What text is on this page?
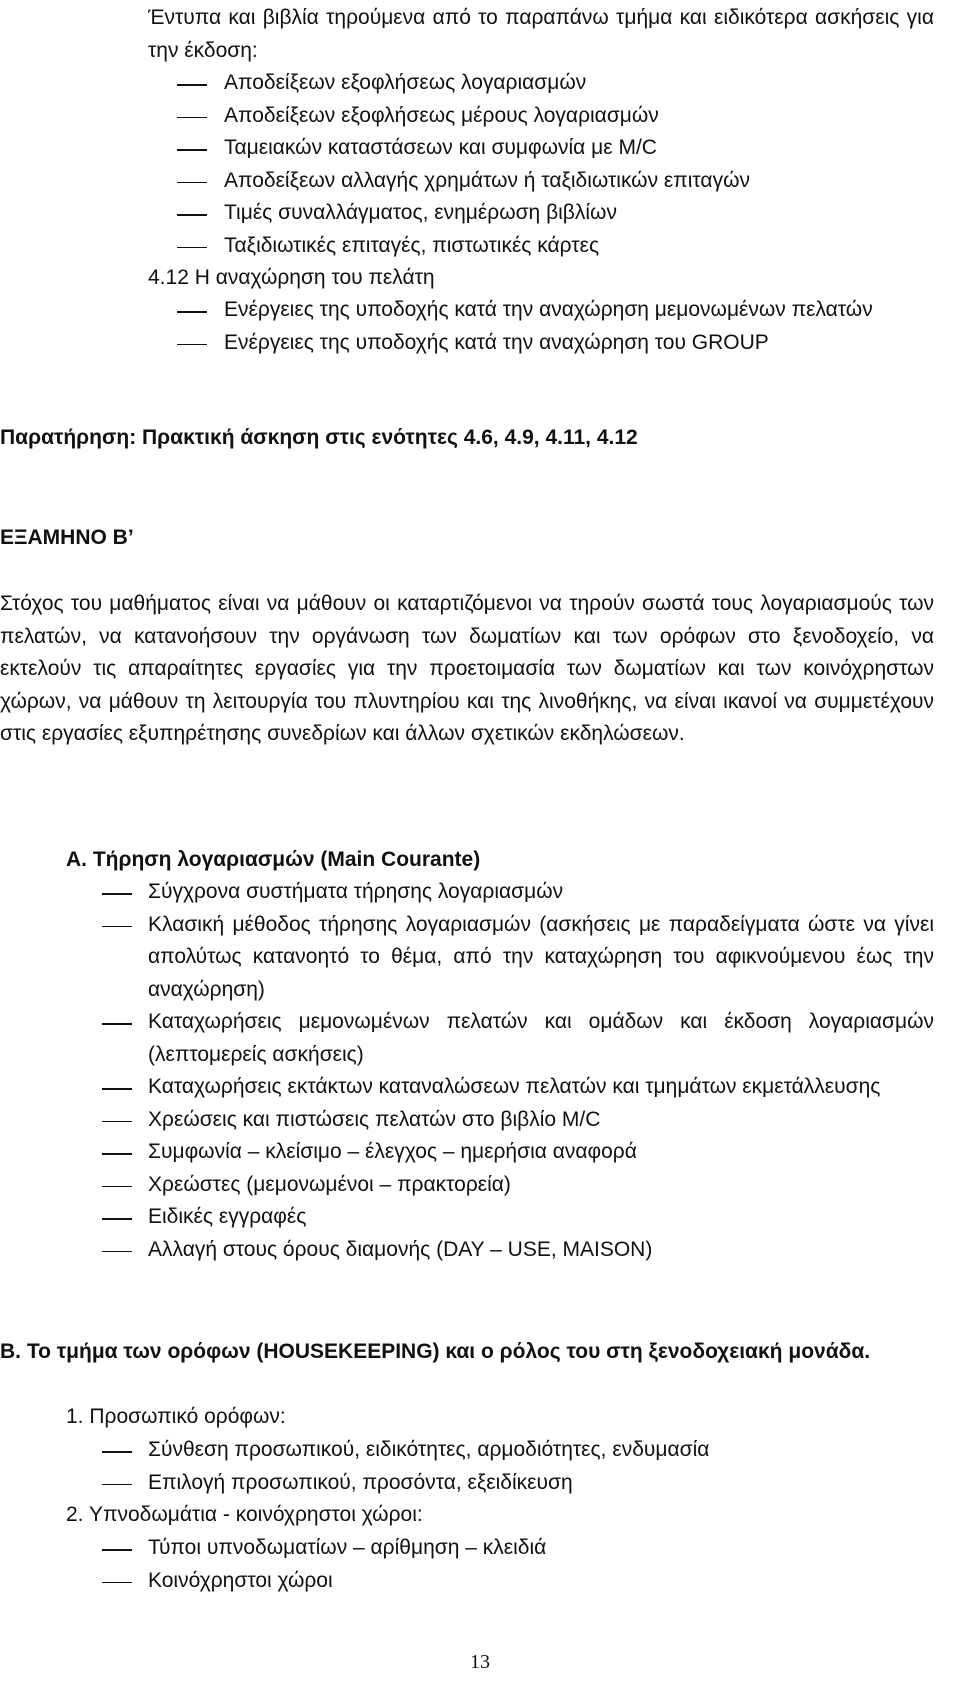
Έντυπα και βιβλία τηρούμενα από το παραπάνω τμήμα και ειδικότερα ασκήσεις για την έκδοση:
Αποδείξεων εξοφλήσεως λογαριασμών
Αποδείξεων εξοφλήσεως μέρους λογαριασμών
Ταμειακών καταστάσεων και συμφωνία με M/C
Αποδείξεων αλλαγής χρημάτων ή ταξιδιωτικών επιταγών
Τιμές συναλλάγματος, ενημέρωση βιβλίων
Ταξιδιωτικές επιταγές, πιστωτικές κάρτες
4.12 Η αναχώρηση του πελάτη
Ενέργειες της υποδοχής κατά την αναχώρηση μεμονωμένων πελατών
Ενέργειες της υποδοχής κατά την αναχώρηση του GROUP
Παρατήρηση: Πρακτική άσκηση στις ενότητες 4.6, 4.9, 4.11, 4.12
ΕΞΑΜΗΝΟ Β’
Στόχος του μαθήματος είναι να μάθουν οι καταρτιζόμενοι να τηρούν σωστά τους λογαριασμούς των πελατών, να κατανοήσουν την οργάνωση των δωματίων και των ορόφων στο ξενοδοχείο, να εκτελούν τις απαραίτητες εργασίες για την προετοιμασία των δωματίων και των κοινόχρηστων χώρων, να μάθουν τη λειτουργία του πλυντηρίου και της λινοθήκης, να είναι ικανοί να συμμετέχουν στις εργασίες εξυπηρέτησης συνεδρίων και άλλων σχετικών εκδηλώσεων.
Α. Τήρηση λογαριασμών (Main Courante)
Σύγχρονα συστήματα τήρησης λογαριασμών
Κλασική μέθοδος τήρησης λογαριασμών (ασκήσεις με παραδείγματα ώστε να γίνει απολύτως κατανοητό το θέμα, από την καταχώρηση του αφικνούμενου έως την αναχώρηση)
Καταχωρήσεις μεμονωμένων πελατών και ομάδων και έκδοση λογαριασμών (λεπτομερείς ασκήσεις)
Καταχωρήσεις εκτάκτων καταναλώσεων πελατών και τμημάτων εκμετάλλευσης
Χρεώσεις και πιστώσεις πελατών στο βιβλίο M/C
Συμφωνία – κλείσιμο – έλεγχος – ημερήσια αναφορά
Χρεώστες (μεμονωμένοι – πρακτορεία)
Ειδικές εγγραφές
Αλλαγή στους όρους διαμονής (DAY – USE, MAISON)
Β. Το τμήμα των ορόφων (HOUSEKEEPING) και ο ρόλος του στη ξενοδοχειακή μονάδα.
1. Προσωπικό ορόφων:
Σύνθεση προσωπικού, ειδικότητες, αρμοδιότητες, ενδυμασία
Επιλογή προσωπικού, προσόντα, εξειδίκευση
2. Υπνοδωμάτια - κοινόχρηστοι χώροι:
Τύποι υπνοδωματίων – αρίθμηση – κλειδιά
Κοινόχρηστοι χώροι
13
